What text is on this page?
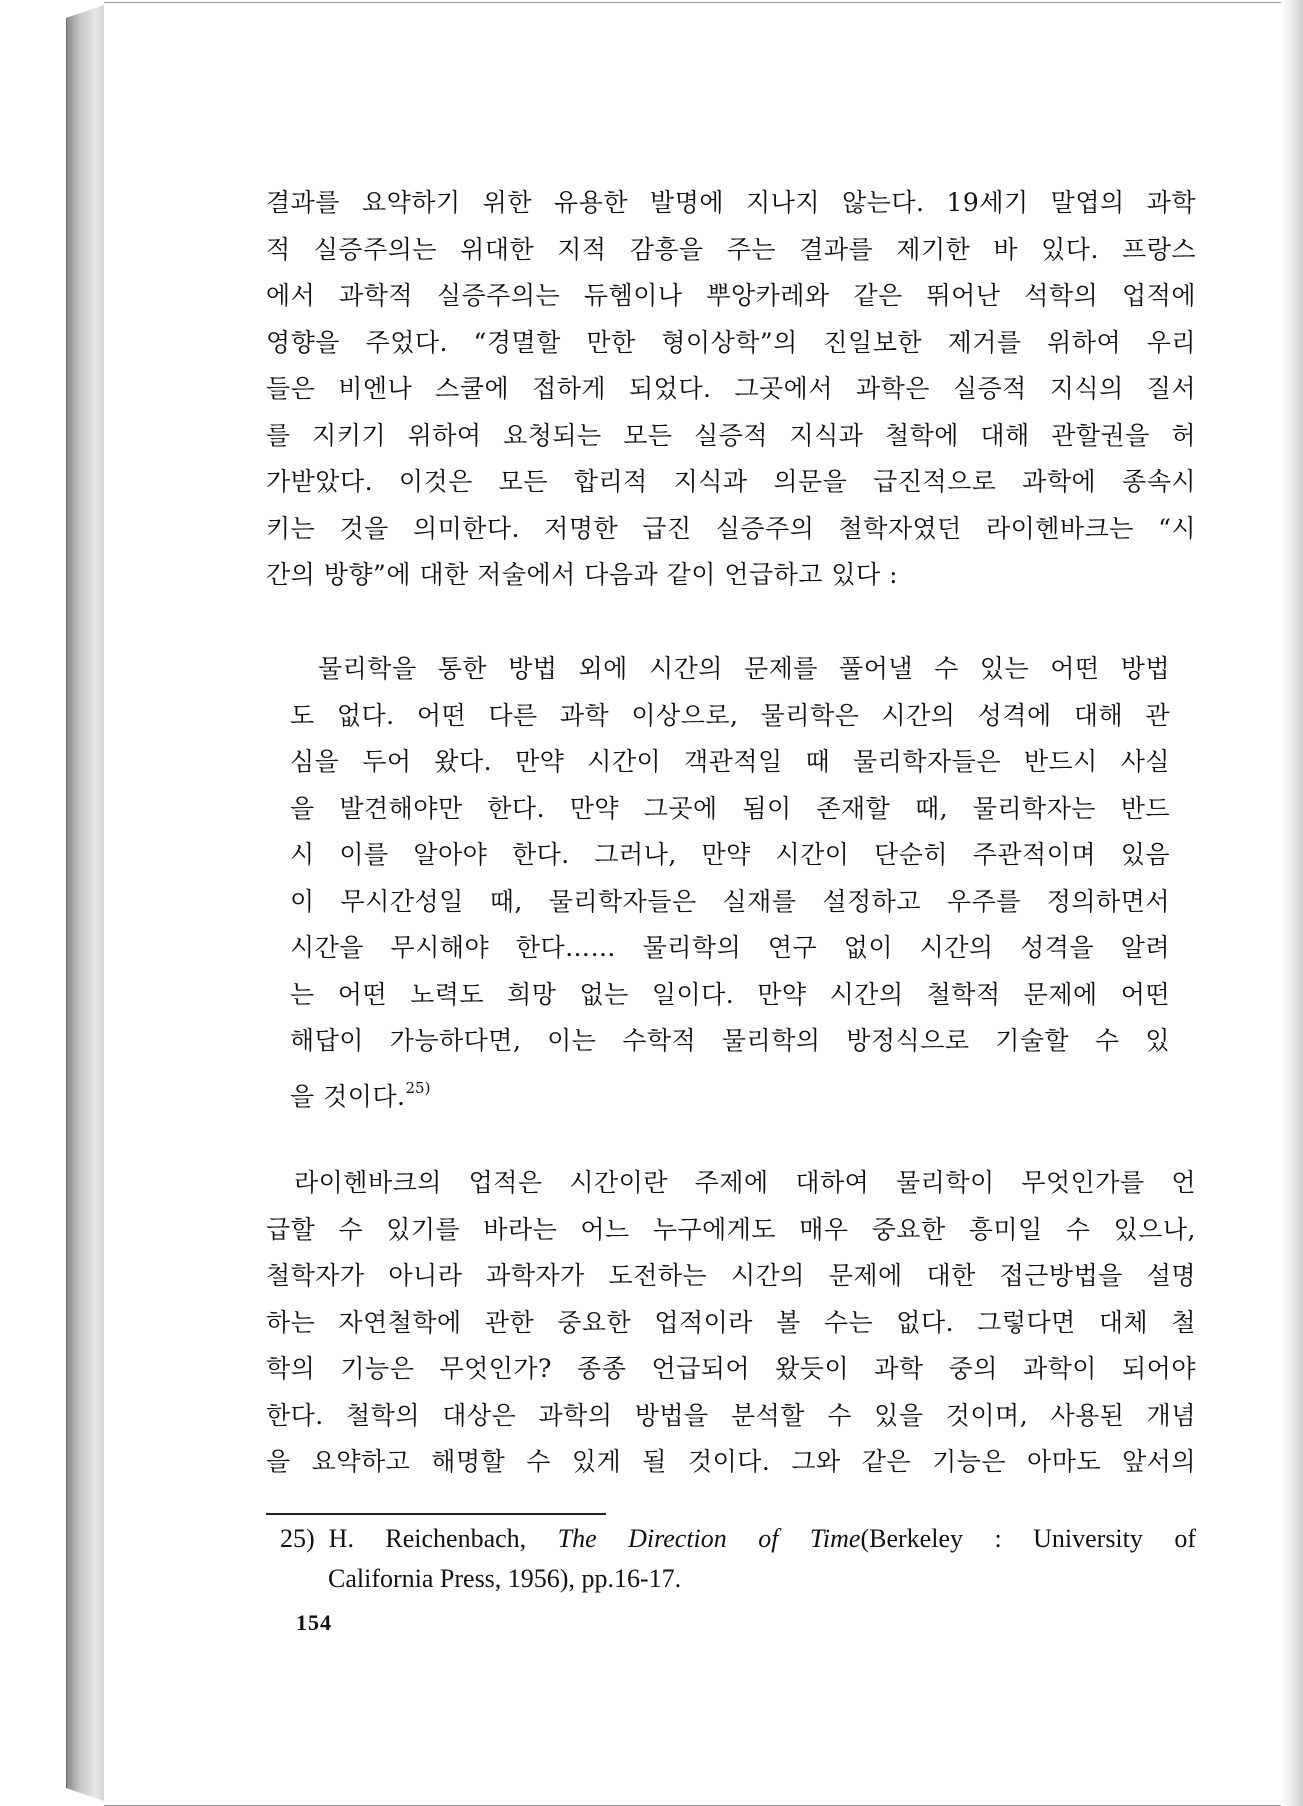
결과를 요약하기 위한 유용한 발명에 지나지 않는다. 19세기 말엽의 과학
적 실증주의는 위대한 지적 감흥을 주는 결과를 제기한 바 있다. 프랑스
에서 과학적 실증주의는 듀헴이나 뿌앙카레와 같은 뛰어난 석학의 업적에
영향을 주었다. “경멸할 만한 형이상학”의 진일보한 제거를 위하여 우리
들은 비엔나 스쿨에 접하게 되었다. 그곳에서 과학은 실증적 지식의 질서
를 지키기 위하여 요청되는 모든 실증적 지식과 철학에 대해 관할권을 허
가받았다. 이것은 모든 합리적 지식과 의문을 급진적으로 과학에 종속시
키는 것을 의미한다. 저명한 급진 실증주의 철학자였던 라이헨바크는 “시
간의 방향”에 대한 저술에서 다음과 같이 언급하고 있다 :

물리학을 통한 방법 외에 시간의 문제를 풀어낼 수 있는 어떤 방법
도 없다. 어떤 다른 과학 이상으로, 물리학은 시간의 성격에 대해 관
심을 두어 왔다. 만약 시간이 객관적일 때 물리학자들은 반드시 사실
을 발견해야만 한다. 만약 그곳에 됨이 존재할 때, 물리학자는 반드
시 이를 알아야 한다. 그러나, 만약 시간이 단순히 주관적이며 있음
이 무시간성일 때, 물리학자들은 실재를 설정하고 우주를 정의하면서
시간을 무시해야 한다…… 물리학의 연구 없이 시간의 성격을 알려
는 어떤 노력도 희망 없는 일이다. 만약 시간의 철학적 문제에 어떤
해답이 가능하다면, 이는 수학적 물리학의 방정식으로 기술할 수 있
을 것이다.$^{25)}$
라이헨바크의 업적은 시간이란 주제에 대하여 물리학이 무엇인가를 언
급할 수 있기를 바라는 어느 누구에게도 매우 중요한 흥미일 수 있으나,
철학자가 아니라 과학자가 도전하는 시간의 문제에 대한 접근방법을 설명
하는 자연철학에 관한 중요한 업적이라 볼 수는 없다. 그렇다면 대체 철
학의 기능은 무엇인가? 종종 언급되어 왔듯이 과학 중의 과학이 되어야
한다. 철학의 대상은 과학의 방법을 분석할 수 있을 것이며, 사용된 개념
을 요약하고 해명할 수 있게 될 것이다. 그와 같은 기능은 아마도 앞서의
25) H. Reichenbach, The Direction of Time(Berkeley : University of
California Press, 1956), pp.16-17.
154
